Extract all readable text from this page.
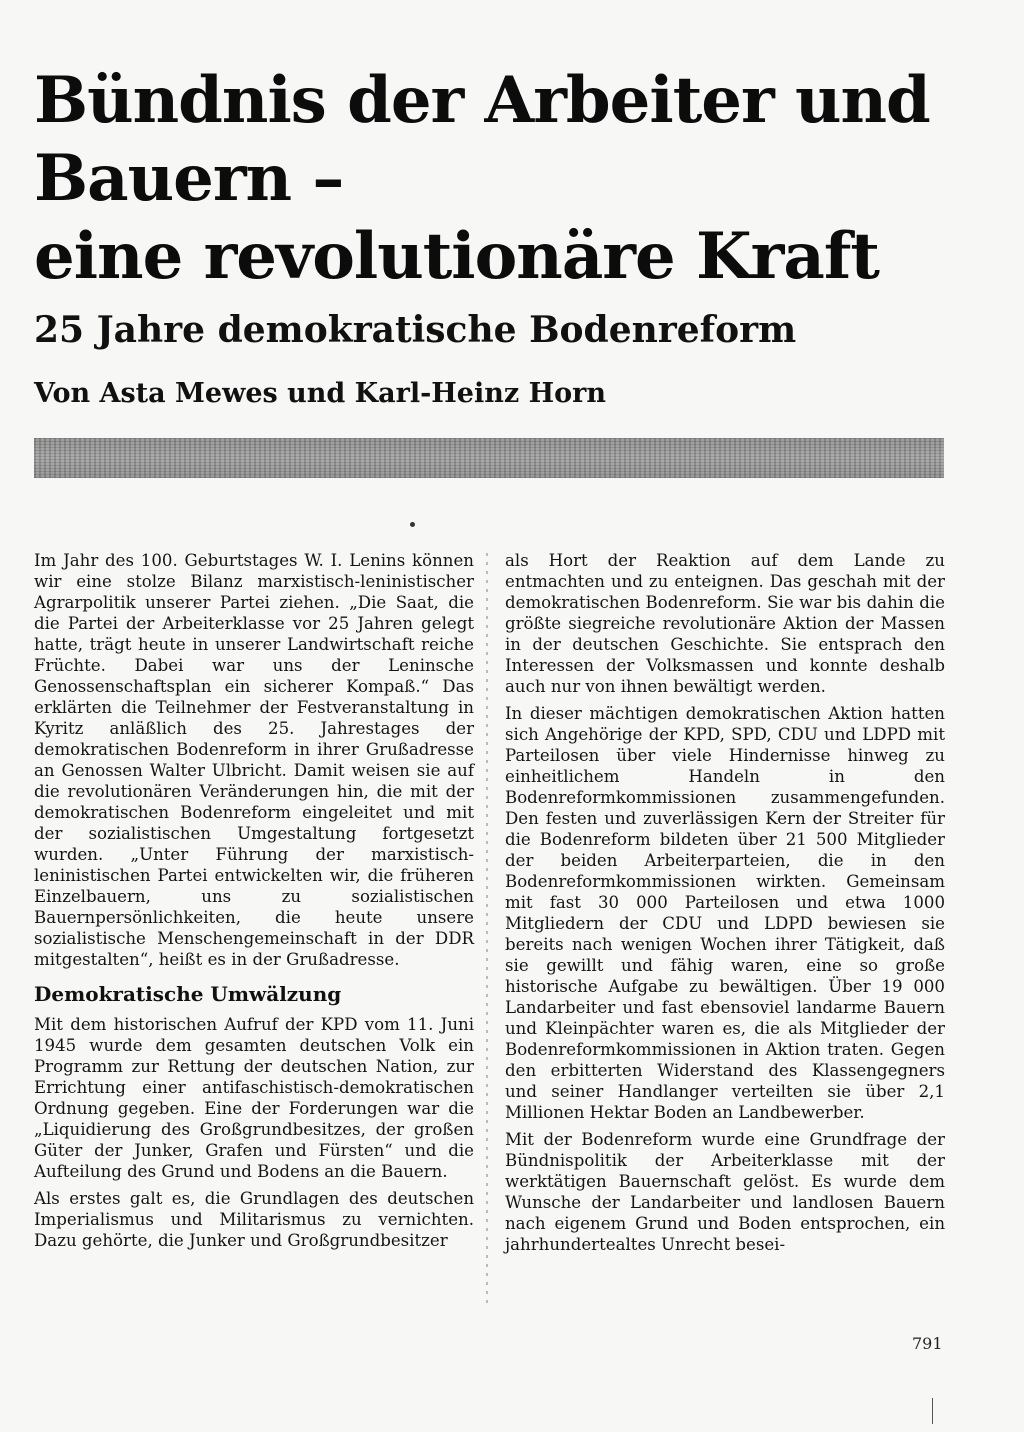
Bündnis der Arbeiter und
Bauern –
eine revolutionäre Kraft
25 Jahre demokratische Bodenreform

Von Asta Mewes und Karl-Heinz Horn

Im Jahr des 100. Geburtstages W. I. Lenins können wir eine stolze Bilanz marxistisch-leninistischer Agrarpolitik unserer Partei ziehen. „Die Saat, die die Partei der Arbeiterklasse vor 25 Jahren gelegt hatte, trägt heute in unserer Landwirtschaft reiche Früchte. Dabei war uns der Leninsche Genossenschaftsplan ein sicherer Kompaß.“ Das erklärten die Teilnehmer der Festveranstaltung in Kyritz anläßlich des 25. Jahrestages der demokratischen Bodenreform in ihrer Grußadresse an Genossen Walter Ulbricht. Damit weisen sie auf die revolutionären Veränderungen hin, die mit der demokratischen Bodenreform eingeleitet und mit der sozialistischen Umgestaltung fortgesetzt wurden. „Unter Führung der marxistisch-leninistischen Partei entwickelten wir, die früheren Einzelbauern, uns zu sozialistischen Bauernpersönlichkeiten, die heute unsere sozialistische Menschengemeinschaft in der DDR mitgestalten“, heißt es in der Grußadresse.

Demokratische Umwälzung

Mit dem historischen Aufruf der KPD vom 11. Juni 1945 wurde dem gesamten deutschen Volk ein Programm zur Rettung der deutschen Nation, zur Errichtung einer antifaschistisch-demokratischen Ordnung gegeben. Eine der Forderungen war die „Liquidierung des Großgrundbesitzes, der großen Güter der Junker, Grafen und Fürsten“ und die Aufteilung des Grund und Bodens an die Bauern.

Als erstes galt es, die Grundlagen des deutschen Imperialismus und Militarismus zu vernichten. Dazu gehörte, die Junker und Großgrundbesitzer

als Hort der Reaktion auf dem Lande zu entmachten und zu enteignen. Das geschah mit der demokratischen Bodenreform. Sie war bis dahin die größte siegreiche revolutionäre Aktion der Massen in der deutschen Geschichte. Sie entsprach den Interessen der Volksmassen und konnte deshalb auch nur von ihnen bewältigt werden.

In dieser mächtigen demokratischen Aktion hatten sich Angehörige der KPD, SPD, CDU und LDPD mit Parteilosen über viele Hindernisse hinweg zu einheitlichem Handeln in den Bodenreformkommissionen zusammengefunden. Den festen und zuverlässigen Kern der Streiter für die Bodenreform bildeten über 21 500 Mitglieder der beiden Arbeiterparteien, die in den Bodenreformkommissionen wirkten. Gemeinsam mit fast 30 000 Parteilosen und etwa 1000 Mitgliedern der CDU und LDPD bewiesen sie bereits nach wenigen Wochen ihrer Tätigkeit, daß sie gewillt und fähig waren, eine so große historische Aufgabe zu bewältigen. Über 19 000 Landarbeiter und fast ebensoviel landarme Bauern und Kleinpächter waren es, die als Mitglieder der Bodenreformkommissionen in Aktion traten. Gegen den erbitterten Widerstand des Klassengegners und seiner Handlanger verteilten sie über 2,1 Millionen Hektar Boden an Landbewerber.

Mit der Bodenreform wurde eine Grundfrage der Bündnispolitik der Arbeiterklasse mit der werktätigen Bauernschaft gelöst. Es wurde dem Wunsche der Landarbeiter und landlosen Bauern nach eigenem Grund und Boden entsprochen, ein jahrhundertealtes Unrecht besei-

791
